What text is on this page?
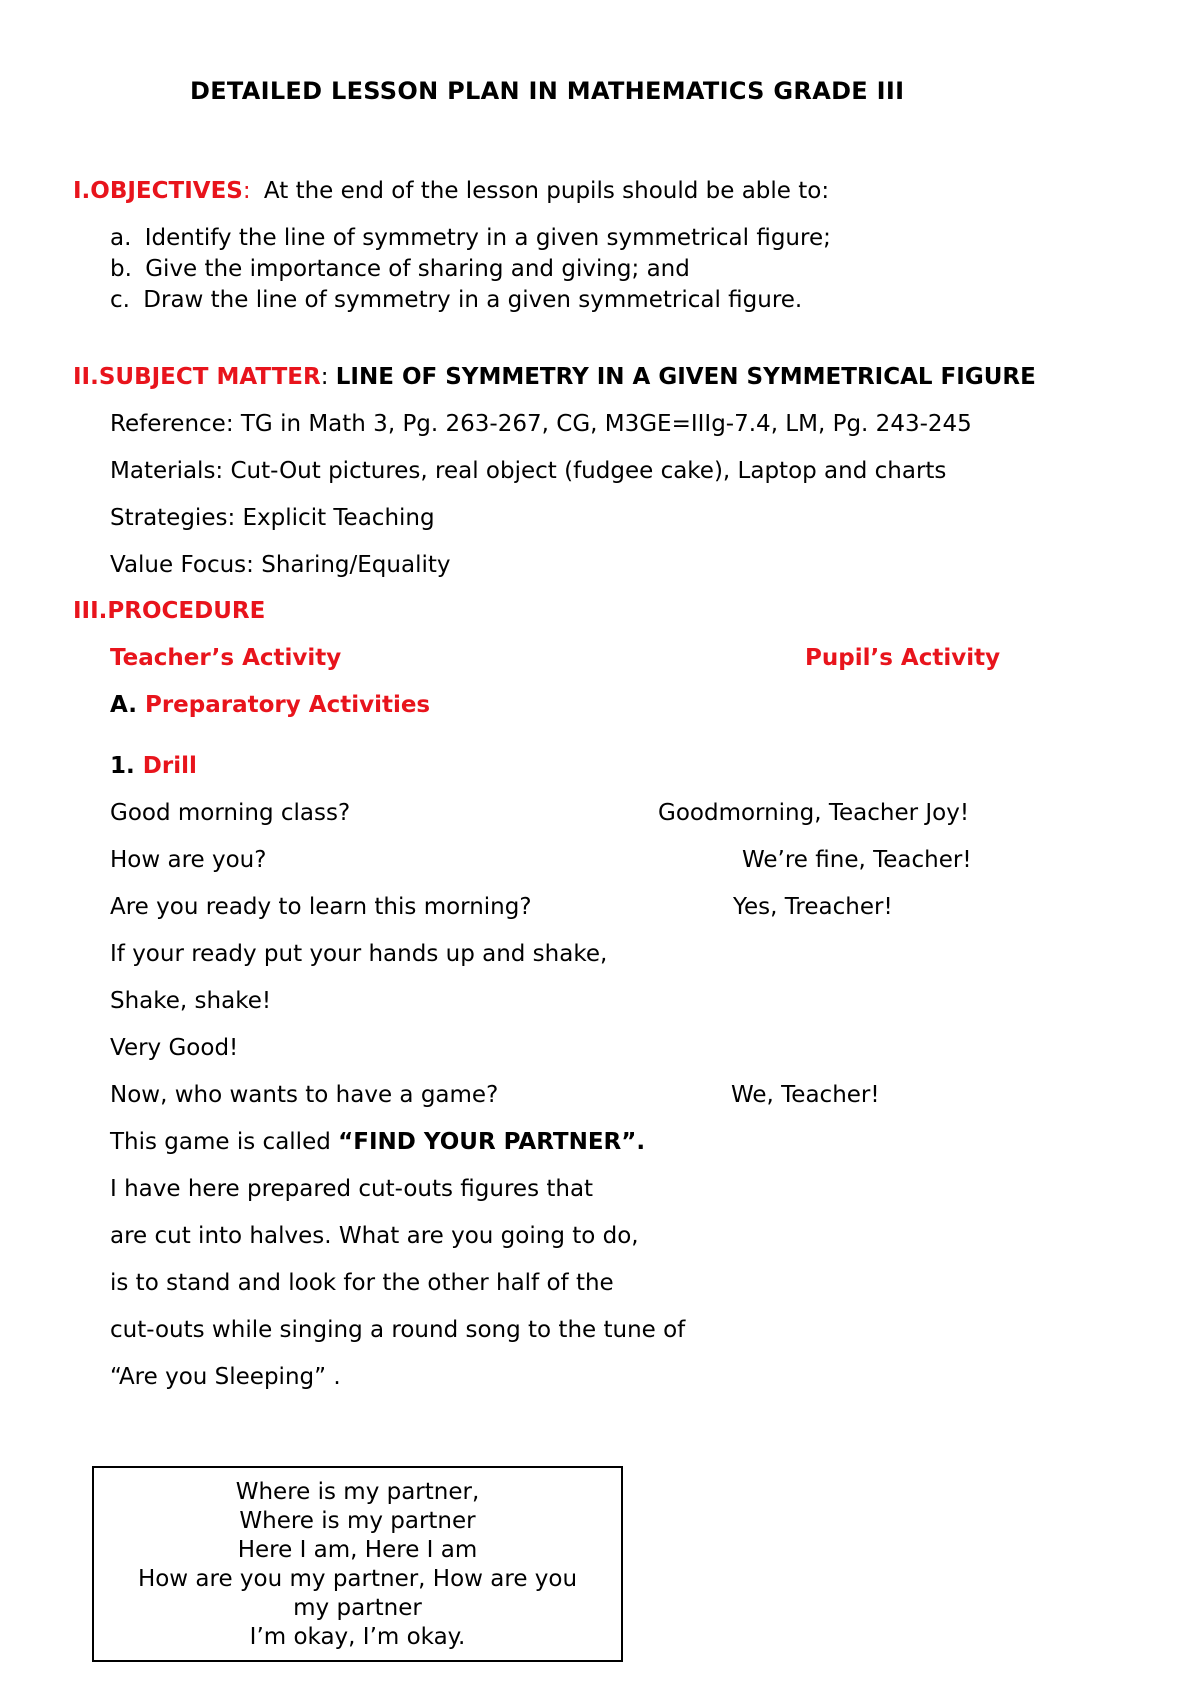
DETAILED LESSON PLAN IN MATHEMATICS GRADE III
I.OBJECTIVES: At the end of the lesson pupils should be able to:
a. Identify the line of symmetry in a given symmetrical figure;
b. Give the importance of sharing and giving; and
c. Draw the line of symmetry in a given symmetrical figure.
II.SUBJECT MATTER: LINE OF SYMMETRY IN A GIVEN SYMMETRICAL FIGURE
Reference: TG in Math 3, Pg. 263-267, CG, M3GE=IIIg-7.4, LM, Pg. 243-245
Materials: Cut-Out pictures, real object (fudgee cake), Laptop and charts
Strategies: Explicit Teaching
Value Focus: Sharing/Equality
III.PROCEDURE
Teacher’s Activity	Pupil’s Activity
A. Preparatory Activities
1. Drill
Good morning class?
How are you?
Are you ready to learn this morning?
If your ready put your hands up and shake,
Shake, shake!
Very Good!
Now, who wants to have a game?
Goodmorning, Teacher Joy!
We’re fine, Teacher!
Yes, Treacher!
We, Teacher!
This game is called “FIND YOUR PARTNER”.
I have here prepared cut-outs figures that
are cut into halves. What are you going to do,
is to stand and look for the other half of the
cut-outs while singing a round song to the tune of
“Are you Sleeping” .
Where is my partner,
Where is my partner
Here I am, Here I am
How are you my partner, How are you
my partner
I’m okay, I’m okay.
